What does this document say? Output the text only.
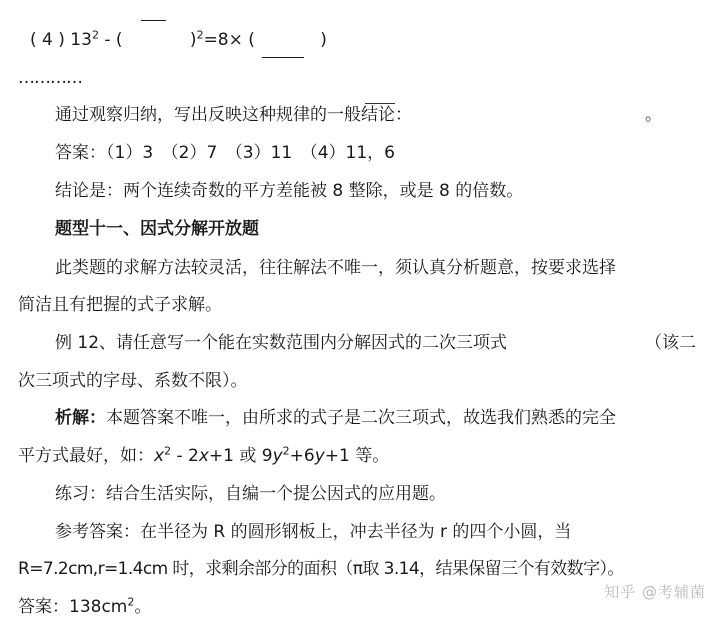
( 4 ) $13^2$ - (	)$^2$=8× (	)
…………
通过观察归纳，写出反映这种规律的一般结论：	。
答案：（1）3　（2）7　（3）11　（4）11，6
结论是：两个连续奇数的平方差能被 8 整除，或是 8 的倍数。
题型十一、因式分解开放题
此类题的求解方法较灵活，往往解法不唯一，须认真分析题意，按要求选择
简洁且有把握的式子求解。
例 12、请任意写一个能在实数范围内分解因式的二次三项式	（该二
次三项式的字母、系数不限）。
析解：本题答案不唯一，由所求的式子是二次三项式，故选我们熟悉的完全
平方式最好，如：$x^2 - 2x+1$ 或 $9y^2+6y+1$ 等。
练习：结合生活实际，自编一个提公因式的应用题。
参考答案：在半径为 R 的圆形钢板上，冲去半径为 r 的四个小圆，当
R=7.2cm,r=1.4cm 时，求剩余部分的面积（π取 3.14，结果保留三个有效数字）。
答案：$138cm^2$。
知乎 @考辅菌
